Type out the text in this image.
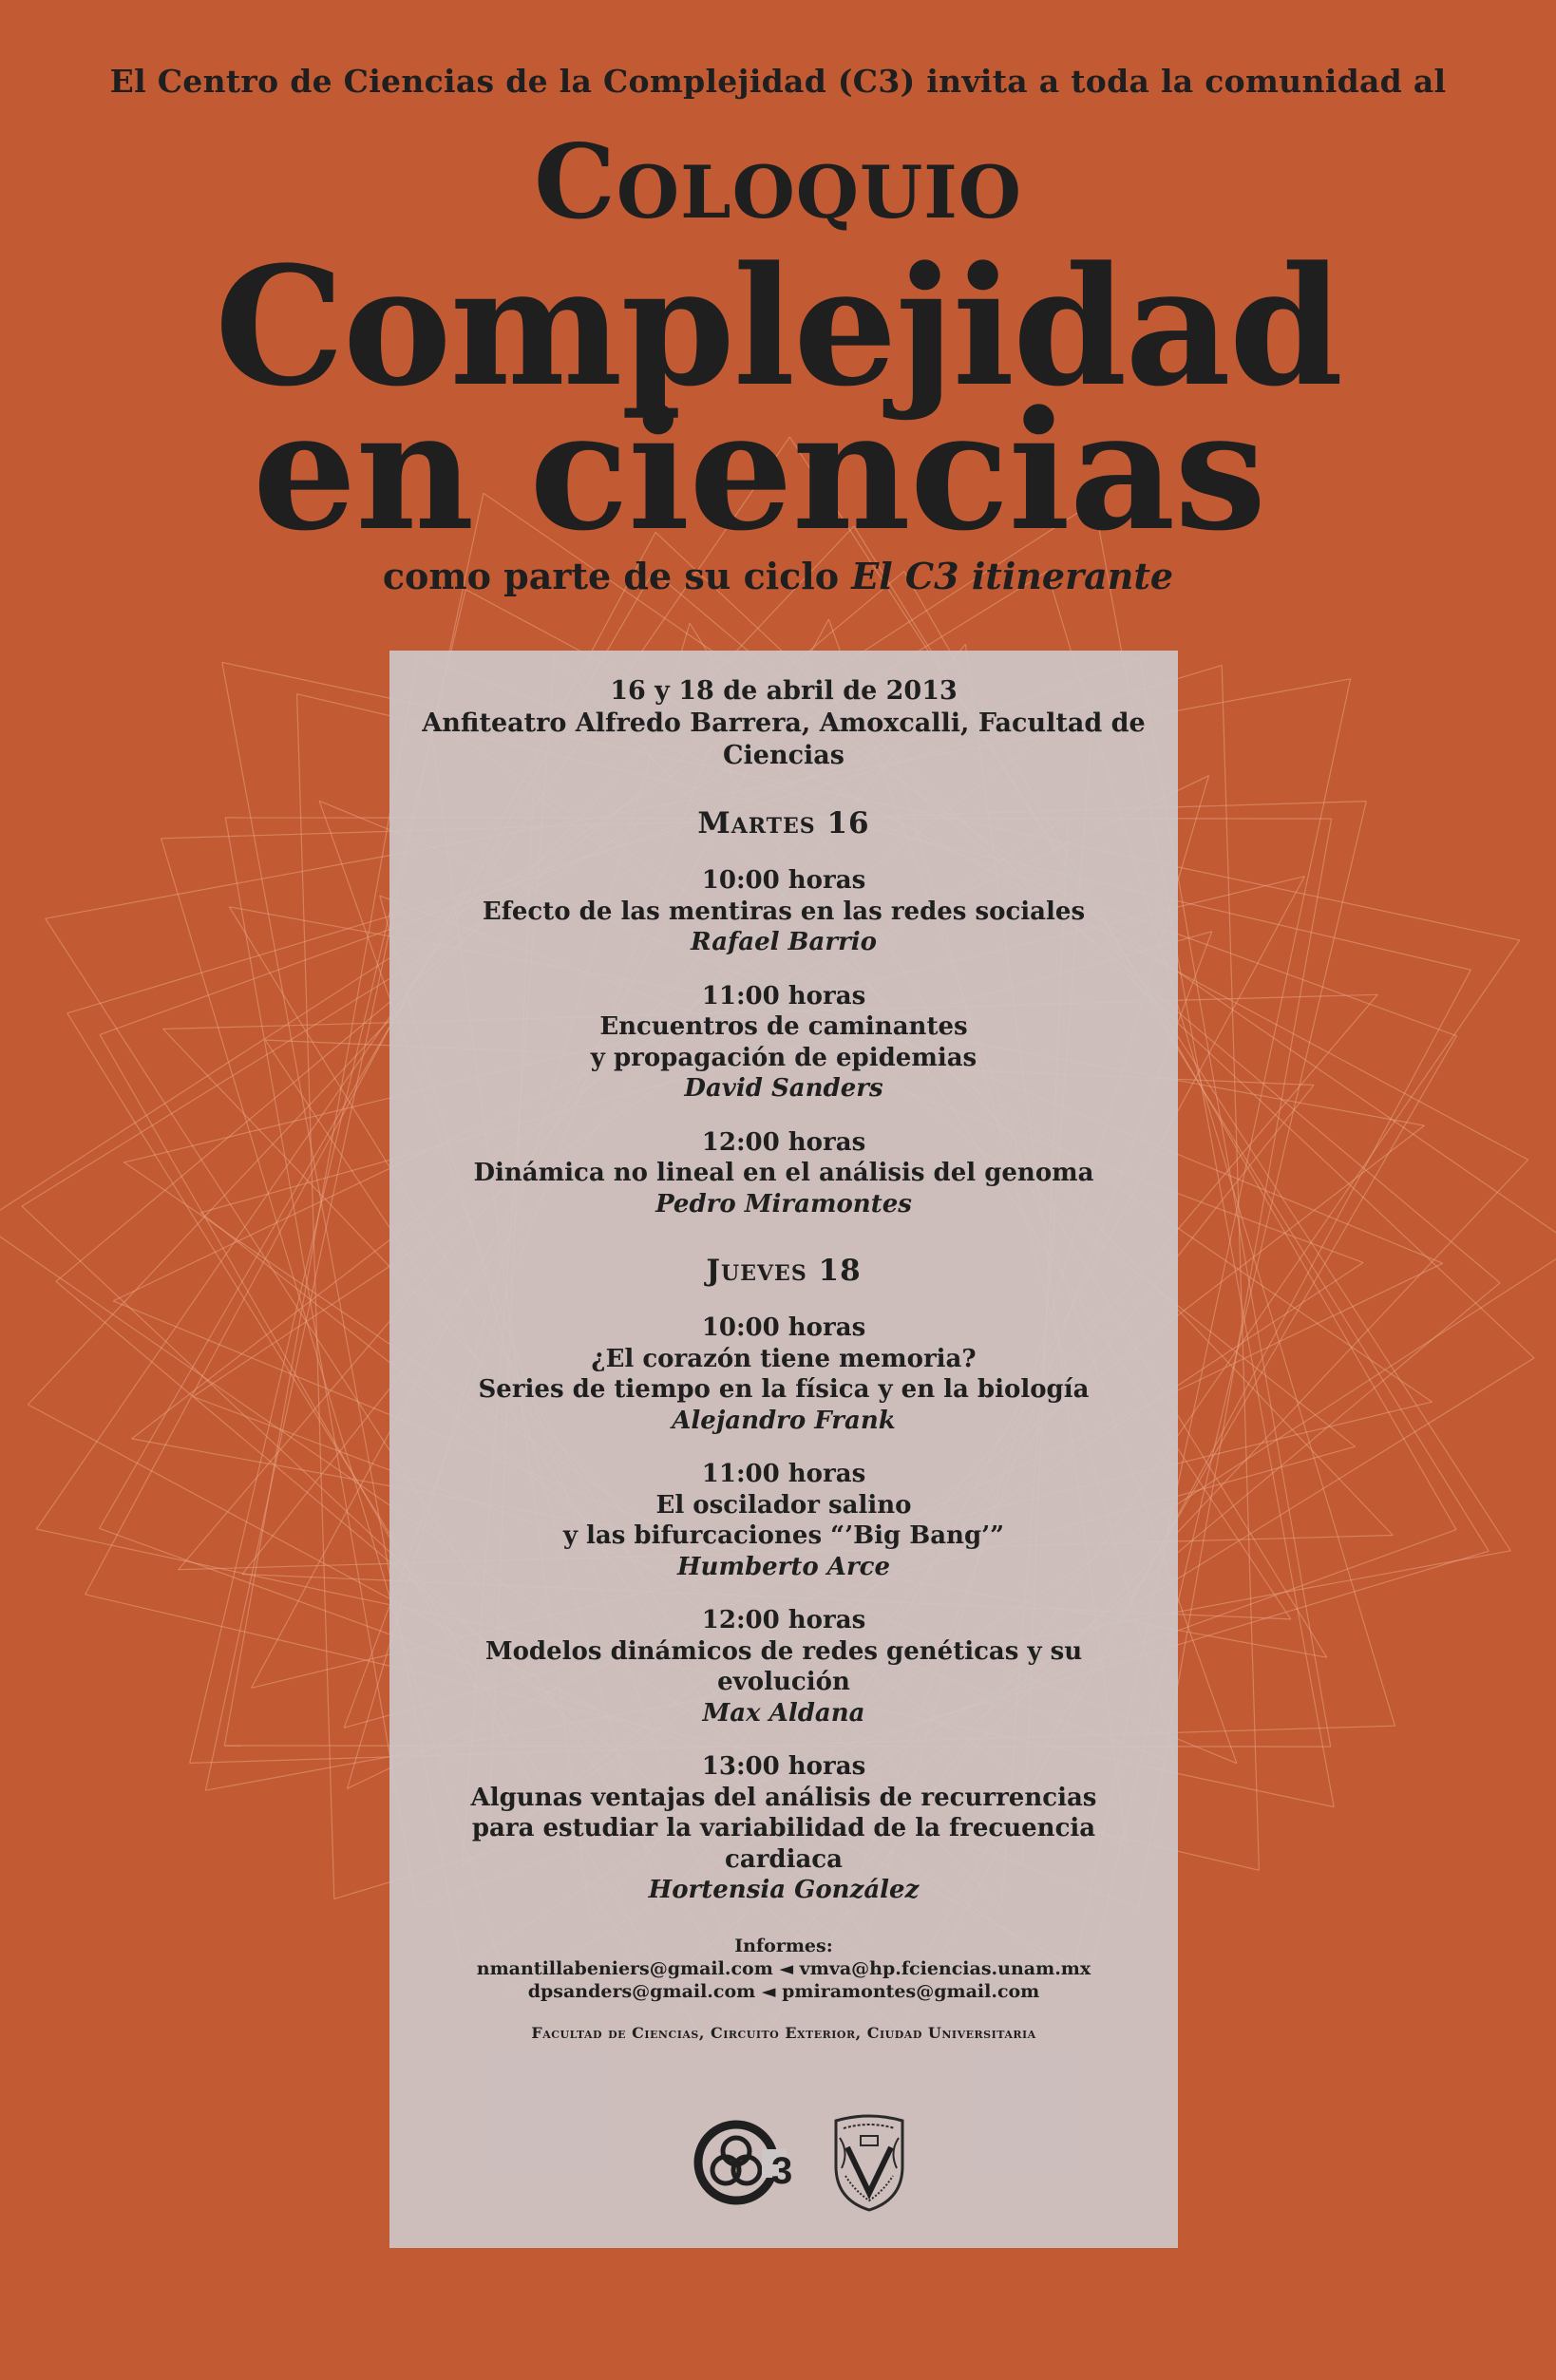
El Centro de Ciencias de la Complejidad (C3) invita a toda la comunidad al
Coloquio
Complejidad
en ciencias
como parte de su ciclo El C3 itinerante
16 y 18 de abril de 2013
Anfiteatro Alfredo Barrera, Amoxcalli, Facultad de Ciencias
Martes 16
10:00 horas
Efecto de las mentiras en las redes sociales
Rafael Barrio
11:00 horas
Encuentros de caminantes
y propagación de epidemias
David Sanders
12:00 horas
Dinámica no lineal en el análisis del genoma
Pedro Miramontes
Jueves 18
10:00 horas
¿El corazón tiene memoria?
Series de tiempo en la física y en la biología
Alejandro Frank
11:00 horas
El oscilador salino
y las bifurcaciones “’Big Bang’”
Humberto Arce
12:00 horas
Modelos dinámicos de redes genéticas y su
evolución
Max Aldana
13:00 horas
Algunas ventajas del análisis de recurrencias
para estudiar la variabilidad de la frecuencia
cardiaca
Hortensia González
Informes:
nmantillabeniers@gmail.com ◄ vmva@hp.fciencias.unam.mx
dpsanders@gmail.com ◄ pmiramontes@gmail.com
Facultad de Ciencias, Circuito Exterior, Ciudad Universitaria
3
